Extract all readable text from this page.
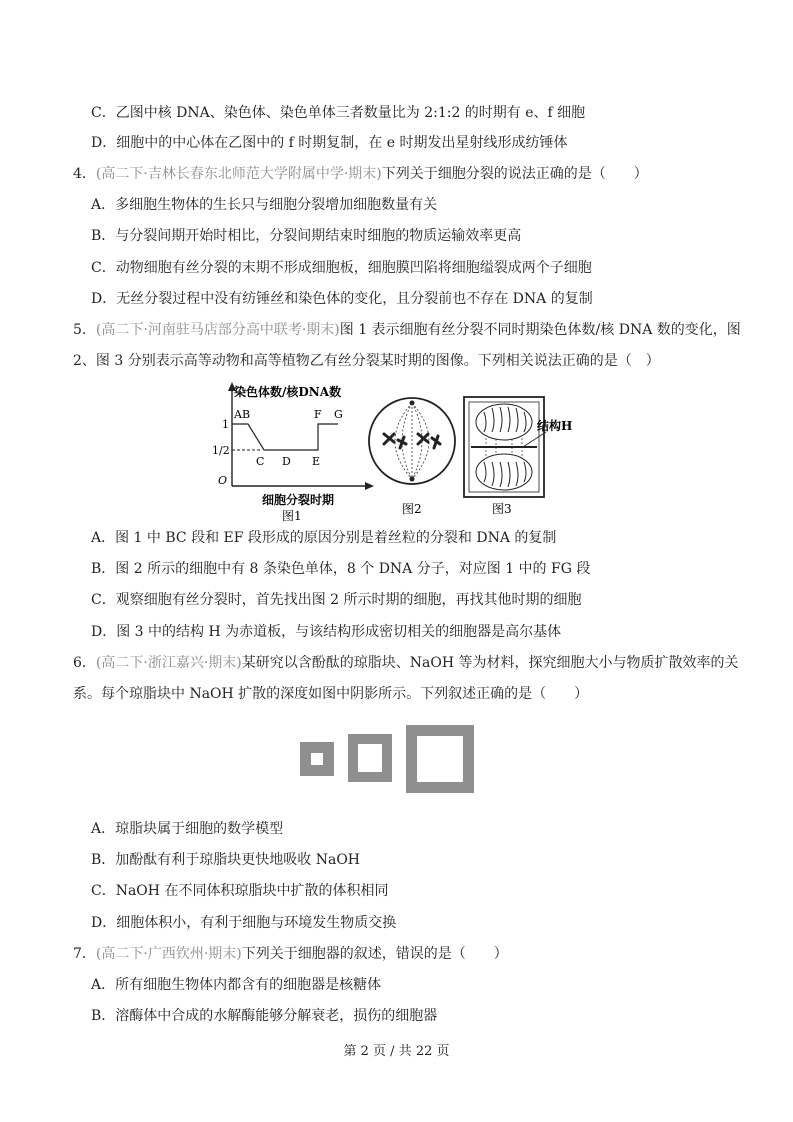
C．乙图中核 DNA、染色体、染色单体三者数量比为 2:1:2 的时期有 e、f 细胞
D．细胞中的中心体在乙图中的 f 时期复制，在 e 时期发出星射线形成纺锤体
4．(高二下·吉林长春东北师范大学附属中学·期末)下列关于细胞分裂的说法正确的是（　　）
A．多细胞生物体的生长只与细胞分裂增加细胞数量有关
B．与分裂间期开始时相比，分裂间期结束时细胞的物质运输效率更高
C．动物细胞有丝分裂的末期不形成细胞板，细胞膜凹陷将细胞缢裂成两个子细胞
D．无丝分裂过程中没有纺锤丝和染色体的变化，且分裂前也不存在 DNA 的复制
5．(高二下·河南驻马店部分高中联考·期末)图 1 表示细胞有丝分裂不同时期染色体数/核 DNA 数的变化，图
2、图 3 分别表示高等动物和高等植物乙有丝分裂某时期的图像。下列相关说法正确的是（　）
染色体数/核DNA数
O
1
1/2
AB
C D E
F G
细胞分裂时期
图1	图2
结构H
图3
A．图 1 中 BC 段和 EF 段形成的原因分别是着丝粒的分裂和 DNA 的复制
B．图 2 所示的细胞中有 8 条染色单体，8 个 DNA 分子，对应图 1 中的 FG 段
C．观察细胞有丝分裂时，首先找出图 2 所示时期的细胞，再找其他时期的细胞
D．图 3 中的结构 H 为赤道板，与该结构形成密切相关的细胞器是高尔基体
6．(高二下·浙江嘉兴·期末)某研究以含酚酞的琼脂块、NaOH 等为材料，探究细胞大小与物质扩散效率的关
系。每个琼脂块中 NaOH 扩散的深度如图中阴影所示。下列叙述正确的是（　　）
A．琼脂块属于细胞的数学模型
B．加酚酞有利于琼脂块更快地吸收 NaOH
C．NaOH 在不同体积琼脂块中扩散的体积相同
D．细胞体积小，有利于细胞与环境发生物质交换
7．(高二下·广西钦州·期末)下列关于细胞器的叙述，错误的是（　　）
A．所有细胞生物体内都含有的细胞器是核糖体
B．溶酶体中合成的水解酶能够分解衰老，损伤的细胞器
第 2 页 / 共 22 页
